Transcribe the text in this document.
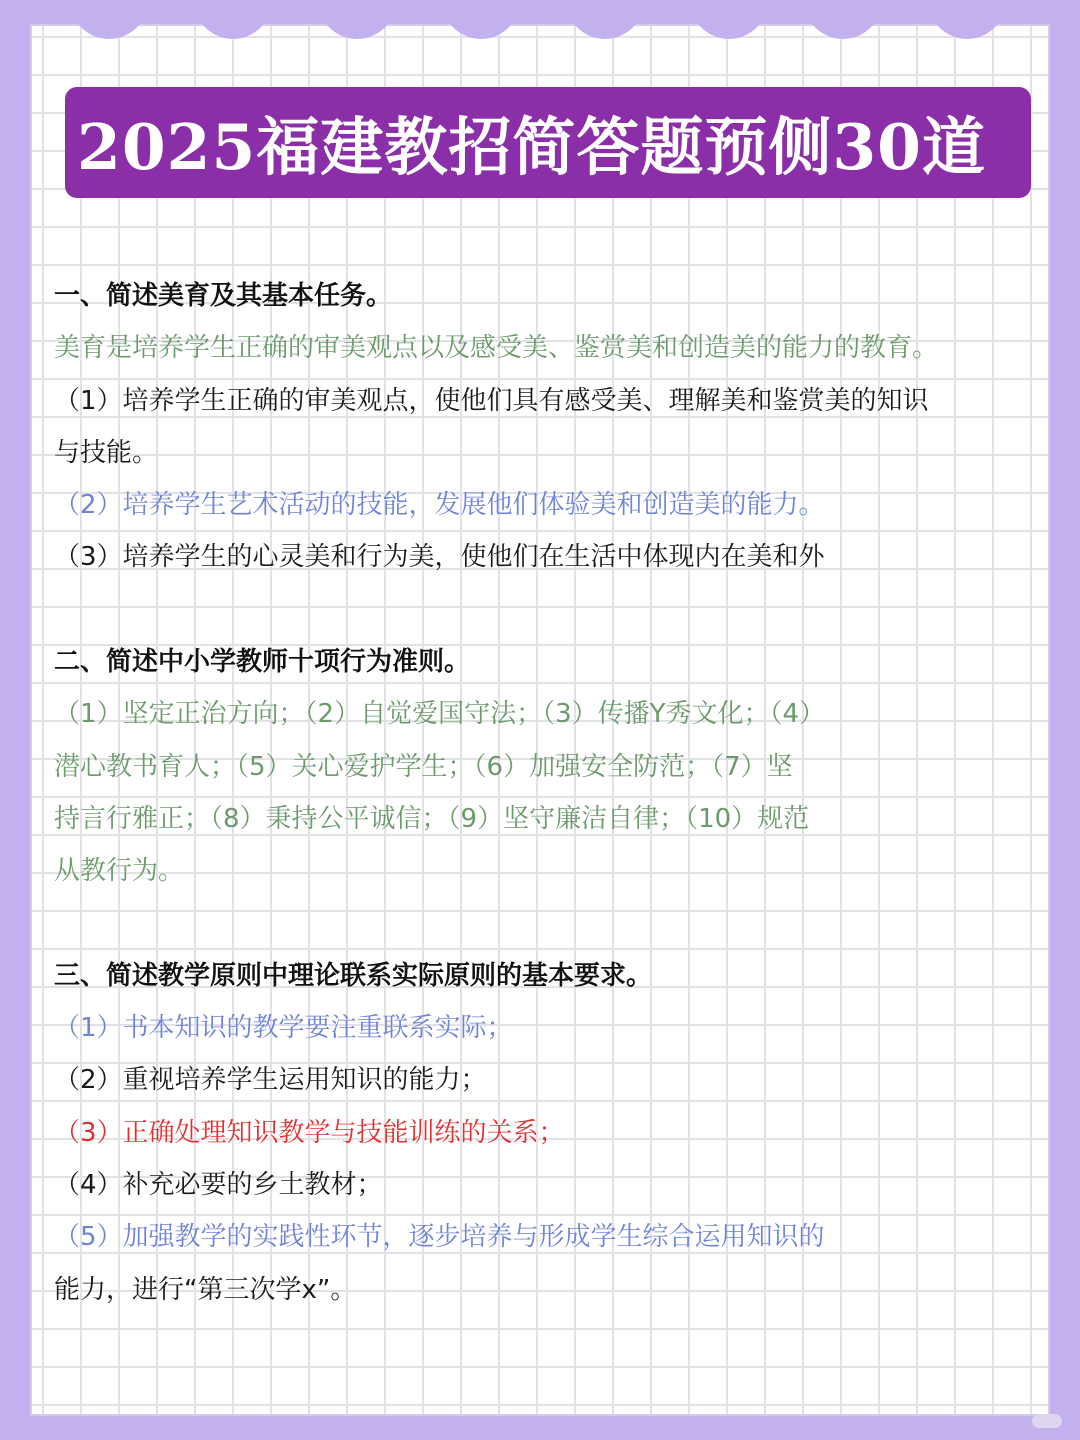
2025福建教招简答题预侧30道
一、简述美育及其基本任务。
美育是培养学生正确的审美观点以及感受美、鉴赏美和创造美的能力的教育。
（1）培养学生正确的审美观点，使他们具有感受美、理解美和鉴赏美的知识
与技能。
（2）培养学生艺术活动的技能，发展他们体验美和创造美的能力。
（3）培养学生的心灵美和行为美，使他们在生活中体现内在美和外
二、简述中小学教师十项行为准则。
（1）坚定正治方向；（2）自觉爱国守法；（3）传播Y秀文化；（4）
潜心教书育人；（5）关心爱护学生；（6）加强安全防范；（7）坚
持言行雅正；（8）秉持公平诚信；（9）坚守廉洁自律；（10）规范
从教行为。
三、简述教学原则中理论联系实际原则的基本要求。
（1）书本知识的教学要注重联系实际；
（2）重视培养学生运用知识的能力；
（3）正确处理知识教学与技能训练的关系；
（4）补充必要的乡土教材；
（5）加强教学的实践性环节，逐步培养与形成学生综合运用知识的
能力，进行“第三次学x”。
